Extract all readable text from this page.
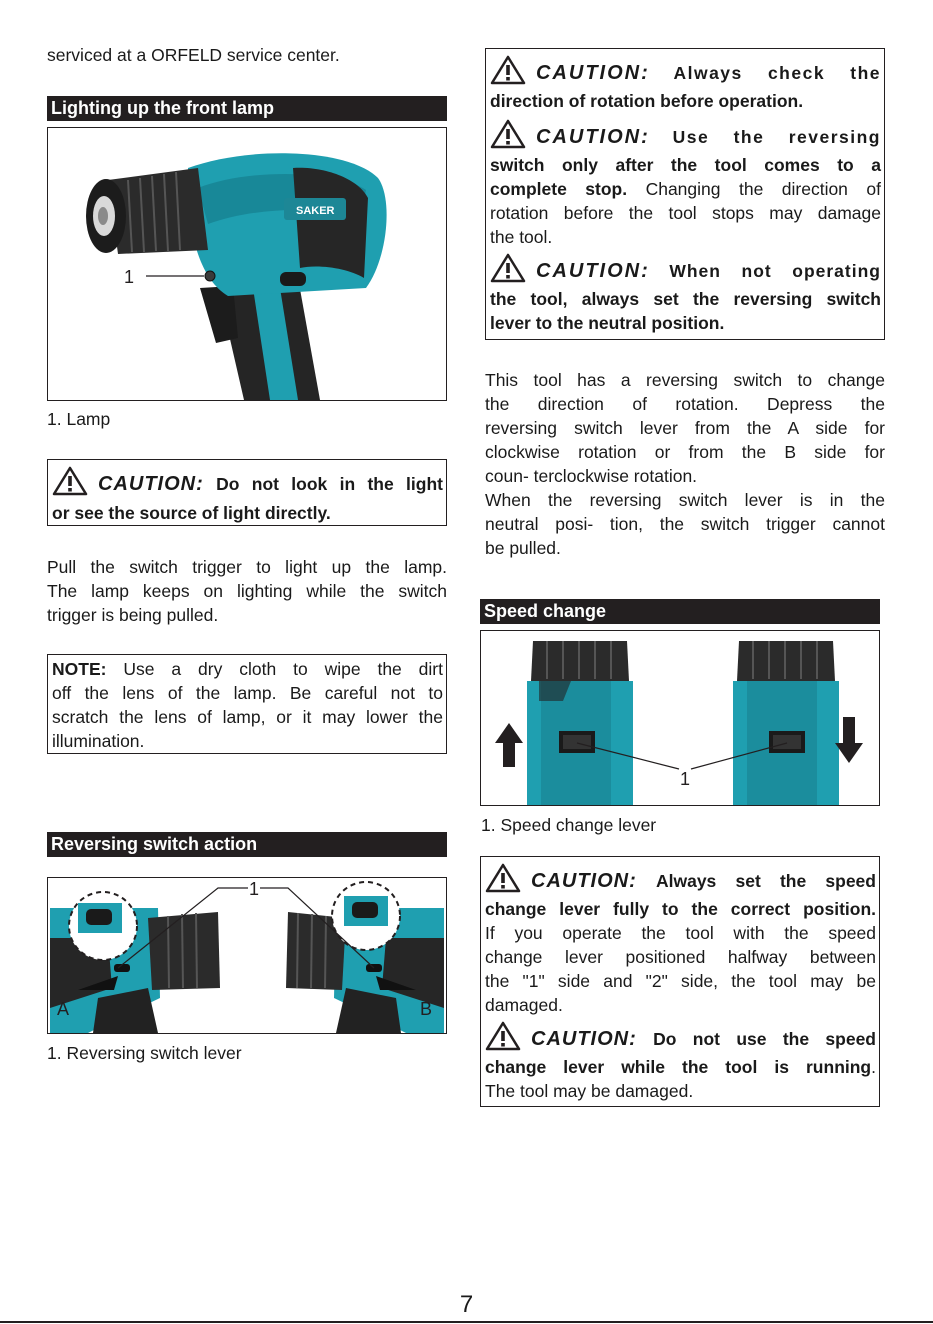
serviced at a ORFELD service center.
Lighting up the front lamp
SAKER
1
1. Lamp
CAUTION: Do not look in the light
or see the source of light directly.
Pull the switch trigger to light up the lamp.
The lamp keeps on lighting while the switch
trigger is being pulled.
NOTE: Use a dry cloth to wipe the dirt
off the lens of the lamp. Be careful not to
scratch the lens of lamp, or it may lower the
illumination.
Reversing switch action
1
A	B
1. Reversing switch lever
CAUTION: Always check the
direction of rotation before operation.
CAUTION: Use the reversing
switch only after the tool comes to a
complete stop. Changing the direction of
rotation before the tool stops may damage
the tool.
CAUTION: When not operating
the tool, always set the reversing switch
lever to the neutral position.
This tool has a reversing switch to change
the direction of rotation. Depress the
reversing switch lever from the A side for
clockwise rotation or from the B side for
coun- terclockwise rotation.
When the reversing switch lever is in the
neutral posi- tion, the switch trigger cannot
be pulled.
Speed change
1
1. Speed change lever
CAUTION: Always set the speed
change lever fully to the correct position.
If you operate the tool with the speed
change lever positioned halfway between
the "1" side and "2" side, the tool may be
damaged.
CAUTION: Do not use the speed
change lever while the tool is running.
The tool may be damaged.
7
